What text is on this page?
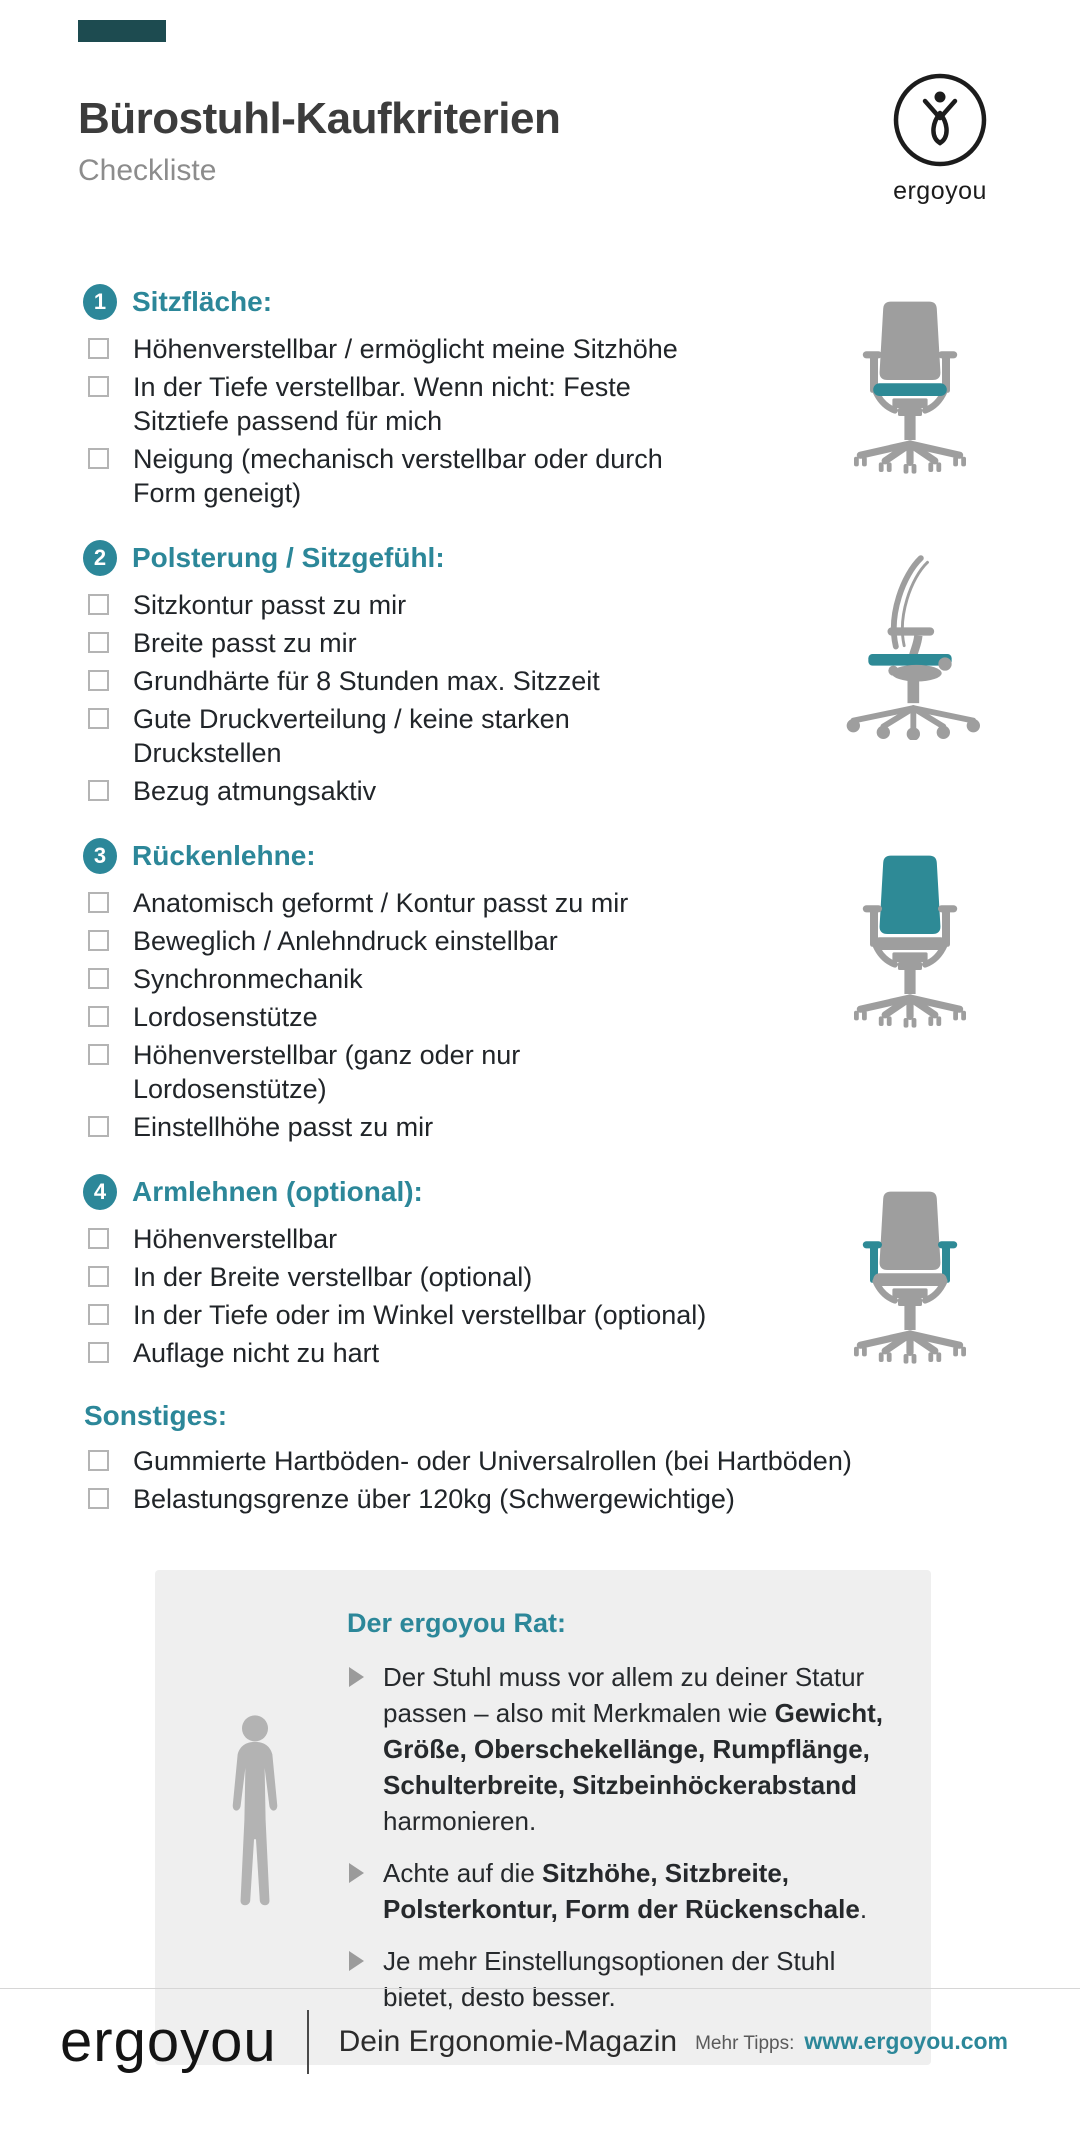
Bürostuhl-Kaufkriterien

Checkliste

ergoyou
1 Sitzfläche:
Höhenverstellbar / ermöglicht meine Sitzhöhe
In der Tiefe verstellbar. Wenn nicht: Feste Sitztiefe passend für mich
Neigung (mechanisch verstellbar oder durch Form geneigt)
2 Polsterung / Sitzgefühl:
Sitzkontur passt zu mir
Breite passt zu mir
Grundhärte für 8 Stunden max. Sitzzeit
Gute Druckverteilung / keine starken Druckstellen
Bezug atmungsaktiv
3 Rückenlehne:
Anatomisch geformt / Kontur passt zu mir
Beweglich / Anlehndruck einstellbar
Synchronmechanik
Lordosenstütze
Höhenverstellbar (ganz oder nur Lordosenstütze)
Einstellhöhe passt zu mir
4 Armlehnen (optional):
Höhenverstellbar
In der Breite verstellbar (optional)
In der Tiefe oder im Winkel verstellbar (optional)
Auflage nicht zu hart
Sonstiges:
Gummierte Hartböden- oder Universalrollen (bei Hartböden)
Belastungsgrenze über 120kg (Schwergewichtige)
Der ergoyou Rat:

Der Stuhl muss vor allem zu deiner Statur passen – also mit Merkmalen wie Gewicht, Größe, Oberschekellänge, Rumpflänge, Schulterbreite, Sitzbeinhöckerabstand harmonieren.

Achte auf die Sitzhöhe, Sitzbreite, Polsterkontur, Form der Rückenschale.

Je mehr Einstellungsoptionen der Stuhl bietet, desto besser.

ergoyou Dein Ergonomie-Magazin Mehr Tipps: www.ergoyou.com
